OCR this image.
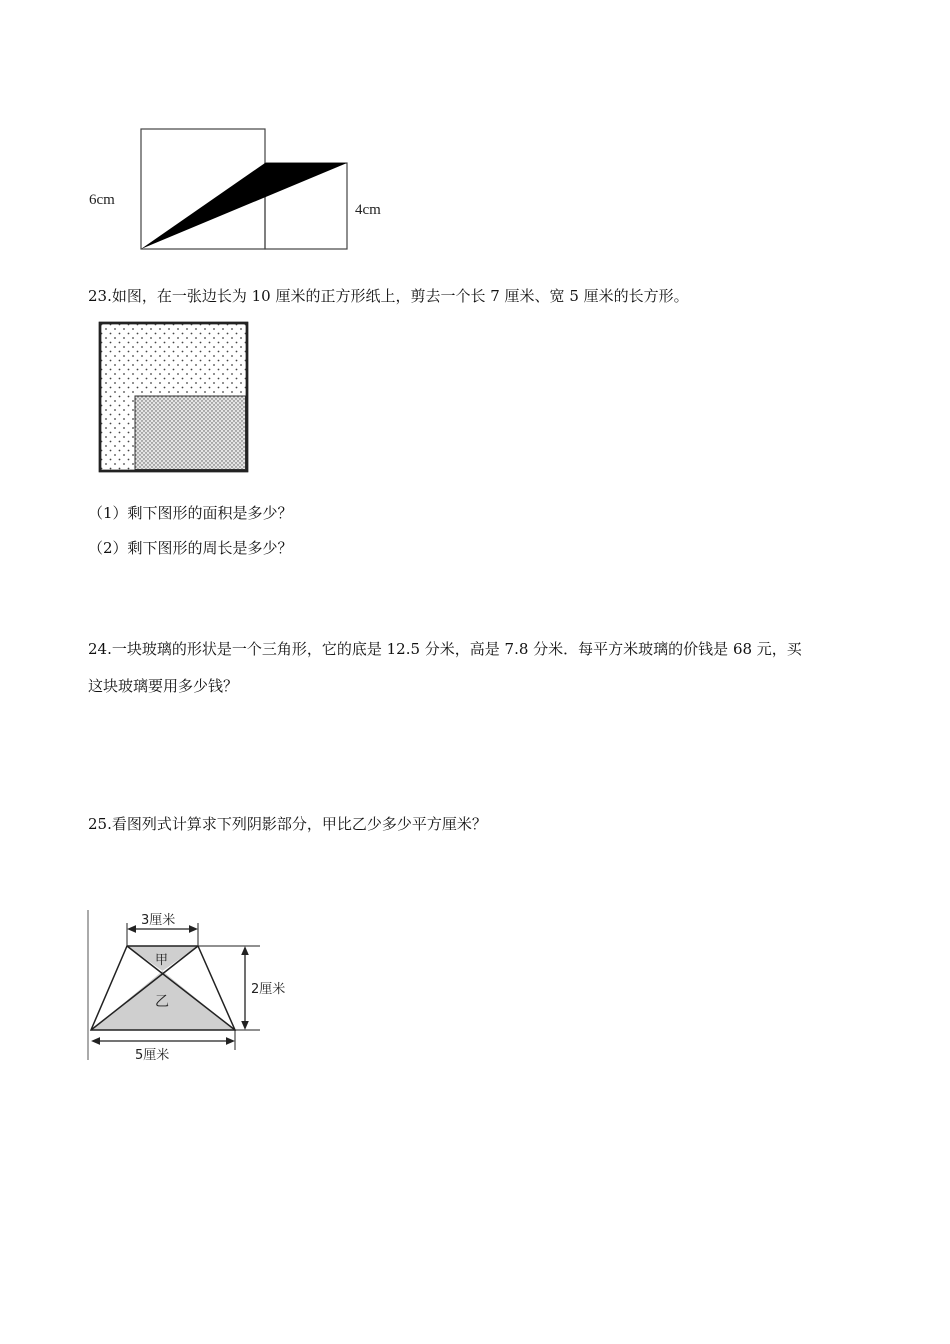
6cm
4cm
23.如图，在一张边长为 10 厘米的正方形纸上，剪去一个长 7 厘米、宽 5 厘米的长方形。
（1）剩下图形的面积是多少？
（2）剩下图形的周长是多少？
24.一块玻璃的形状是一个三角形，它的底是 12.5 分米，高是 7.8 分米．每平方米玻璃的价钱是 68 元，买
这块玻璃要用多少钱？
25.看图列式计算求下列阴影部分，甲比乙少多少平方厘米？
3厘米
2厘米
5厘米
甲
乙
